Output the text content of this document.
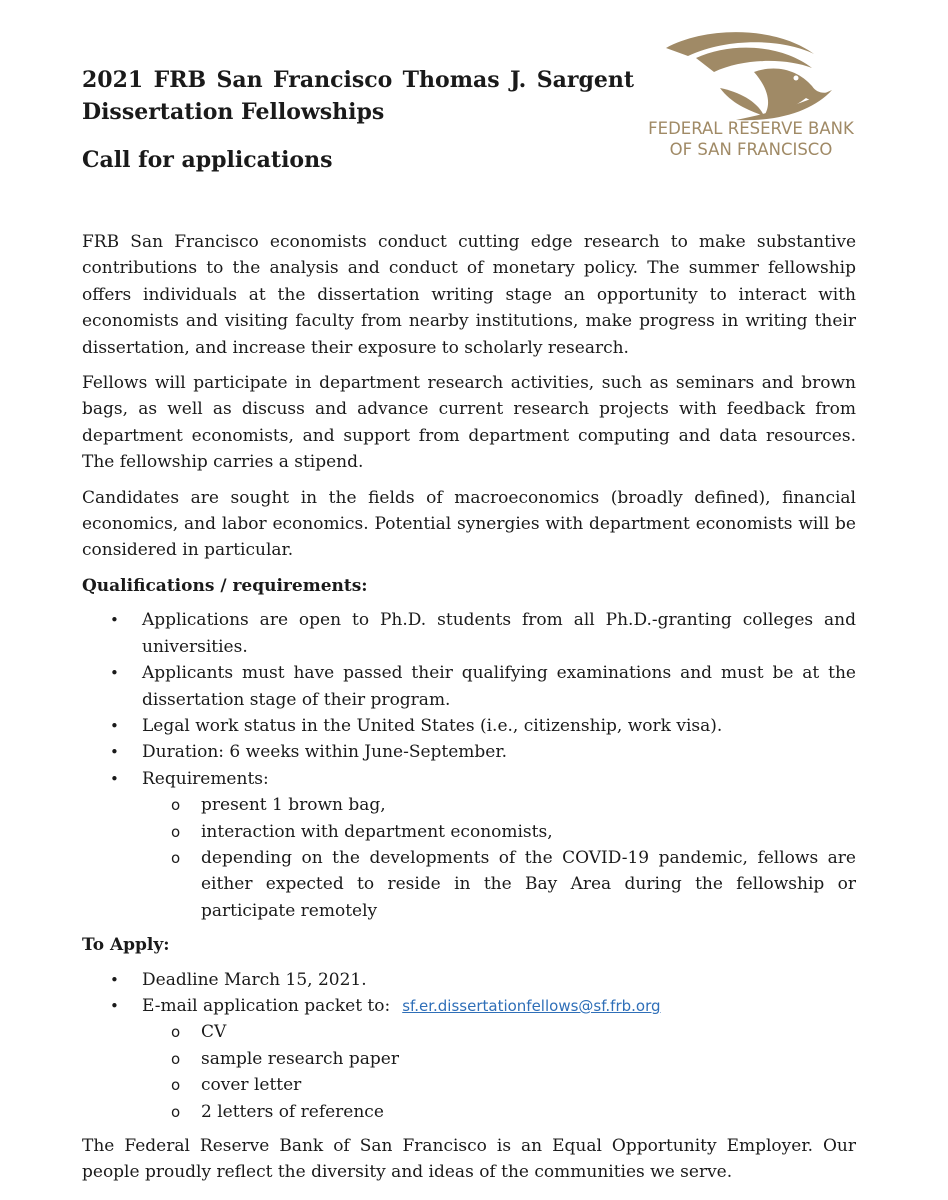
2021 FRB San Francisco Thomas J. Sargent Dissertation Fellowships
Call for applications
FEDERAL RESERVE BANK
OF SAN FRANCISCO

FRB San Francisco economists conduct cutting edge research to make substantive contributions to the analysis and conduct of monetary policy. The summer fellowship offers individuals at the dissertation writing stage an opportunity to interact with economists and visiting faculty from nearby institutions, make progress in writing their dissertation, and increase their exposure to scholarly research.

Fellows will participate in department research activities, such as seminars and brown bags, as well as discuss and advance current research projects with feedback from department economists, and support from department computing and data resources. The fellowship carries a stipend.

Candidates are sought in the fields of macroeconomics (broadly defined), financial economics, and labor economics. Potential synergies with department economists will be considered in particular.

Qualifications / requirements:
• Applications are open to Ph.D. students from all Ph.D.-granting colleges and universities.
• Applicants must have passed their qualifying examinations and must be at the dissertation stage of their program.
• Legal work status in the United States (i.e., citizenship, work visa).
• Duration: 6 weeks within June-September.
• Requirements:
o present 1 brown bag,
o interaction with department economists,
o depending on the developments of the COVID-19 pandemic, fellows are either expected to reside in the Bay Area during the fellowship or participate remotely
To Apply:
• Deadline March 15, 2021.
• E-mail application packet to: sf.er.dissertationfellows@sf.frb.org
o CV
o sample research paper
o cover letter
o 2 letters of reference

The Federal Reserve Bank of San Francisco is an Equal Opportunity Employer. Our people proudly reflect the diversity and ideas of the communities we serve.
